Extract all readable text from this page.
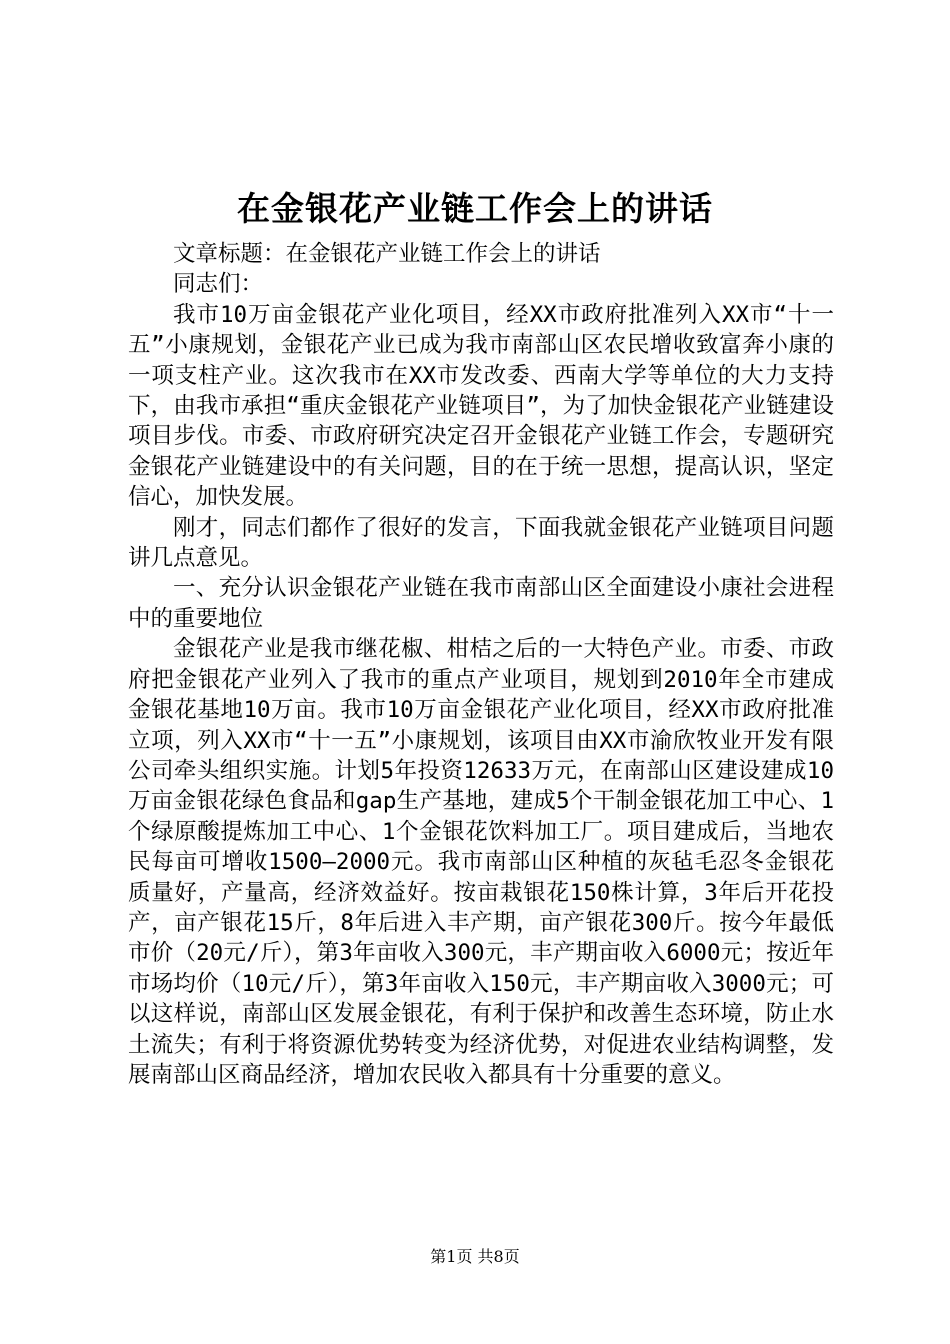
在金银花产业链工作会上的讲话

文章标题：在金银花产业链工作会上的讲话

同志们：

我市10万亩金银花产业化项目，经XX市政府批准列入XX市“十一五”小康规划，金银花产业已成为我市南部山区农民增收致富奔小康的一项支柱产业。这次我市在XX市发改委、西南大学等单位的大力支持下，由我市承担“重庆金银花产业链项目”，为了加快金银花产业链建设项目步伐。市委、市政府研究决定召开金银花产业链工作会，专题研究金银花产业链建设中的有关问题，目的在于统一思想，提高认识，坚定信心，加快发展。

刚才，同志们都作了很好的发言，下面我就金银花产业链项目问题讲几点意见。

一、充分认识金银花产业链在我市南部山区全面建设小康社会进程中的重要地位

金银花产业是我市继花椒、柑桔之后的一大特色产业。市委、市政府把金银花产业列入了我市的重点产业项目，规划到2010年全市建成金银花基地10万亩。我市10万亩金银花产业化项目，经XX市政府批准立项，列入XX市“十一五”小康规划，该项目由XX市渝欣牧业开发有限公司牵头组织实施。计划5年投资12633万元，在南部山区建设建成10万亩金银花绿色食品和gap生产基地，建成5个干制金银花加工中心、1个绿原酸提炼加工中心、1个金银花饮料加工厂。项目建成后，当地农民每亩可增收1500—2000元。我市南部山区种植的灰毡毛忍冬金银花质量好，产量高，经济效益好。按亩栽银花150株计算，3年后开花投产，亩产银花15斤，8年后进入丰产期，亩产银花300斤。按今年最低市价（20元/斤），第3年亩收入300元，丰产期亩收入6000元；按近年市场均价（10元/斤），第3年亩收入150元，丰产期亩收入3000元；可以这样说，南部山区发展金银花，有利于保护和改善生态环境，防止水土流失；有利于将资源优势转变为经济优势，对促进农业结构调整，发展南部山区商品经济，增加农民收入都具有十分重要的意义。

第1页 共8页
